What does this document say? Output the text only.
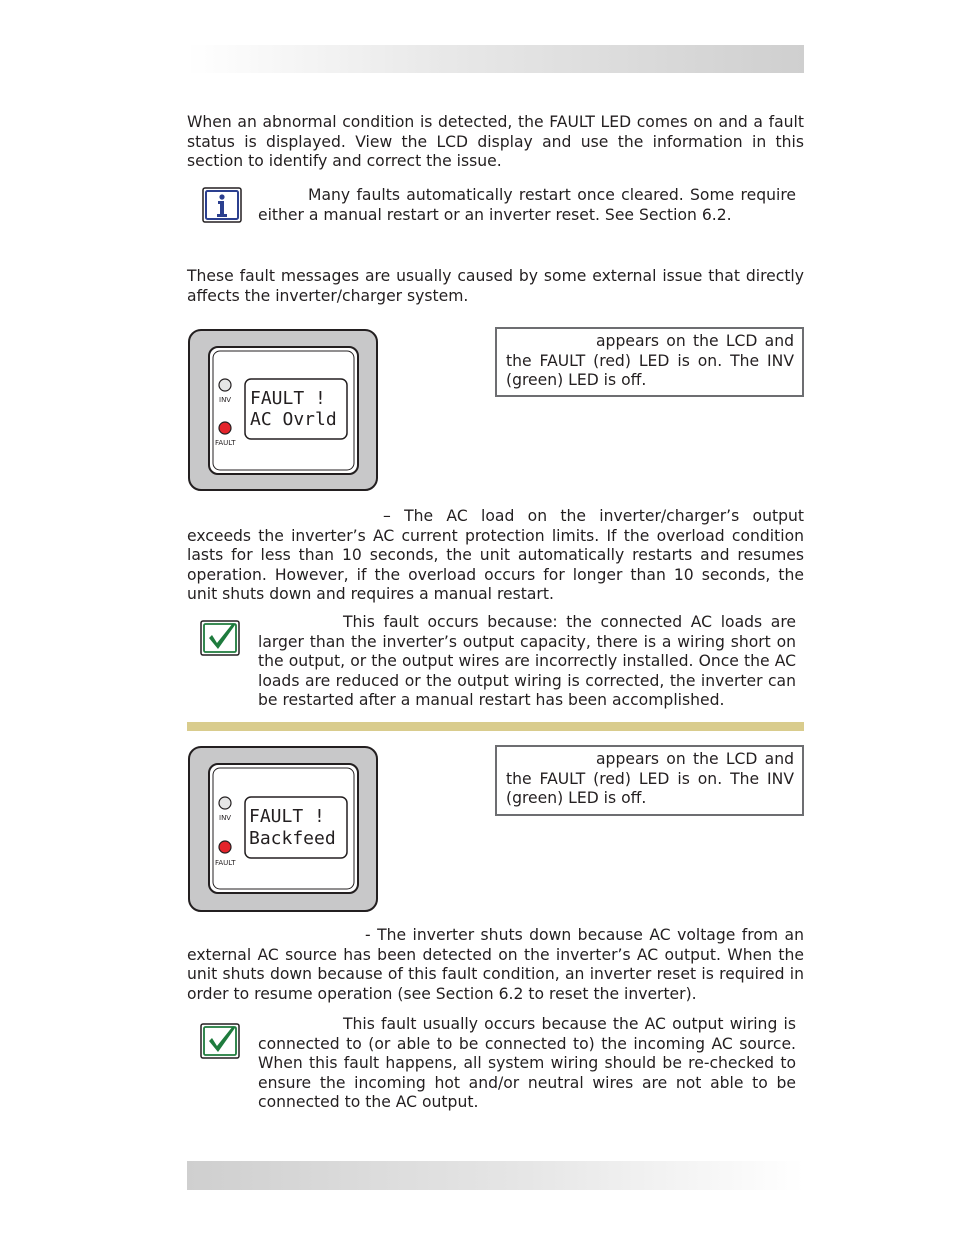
When an abnormal condition is detected, the FAULT LED comes on and a fault status is displayed. View the LCD display and use the information in this section to identify and correct the issue.

Many faults automatically restart once cleared. Some require either a manual restart or an inverter reset. See Section 6.2.

These fault messages are usually caused by some external issue that directly affects the inverter/charger system.

INV
FAULT
FAULT !
AC Ovrld
appears on the LCD and the FAULT (red) LED is on. The INV (green) LED is off.

– The AC load on the inverter/charger’s output exceeds the inverter’s AC current protection limits. If the overload condition lasts for less than 10 seconds, the unit automatically restarts and resumes operation. However, if the overload occurs for longer than 10 seconds, the unit shuts down and requires a manual restart.

This fault occurs because: the connected AC loads are larger than the inverter’s output capacity, there is a wiring short on the output, or the output wires are incorrectly installed. Once the AC loads are reduced or the output wiring is corrected, the inverter can be restarted after a manual restart has been accomplished.

INV
FAULT
FAULT !
Backfeed
appears on the LCD and the FAULT (red) LED is on. The INV (green) LED is off.

- The inverter shuts down because AC voltage from an external AC source has been detected on the inverter’s AC output. When the unit shuts down because of this fault condition, an inverter reset is required in order to resume operation (see Section 6.2 to reset the inverter).

This fault usually occurs because the AC output wiring is connected to (or able to be connected to) the incoming AC source. When this fault happens, all system wiring should be re-checked to ensure the incoming hot and/or neutral wires are not able to be connected to the AC output.
